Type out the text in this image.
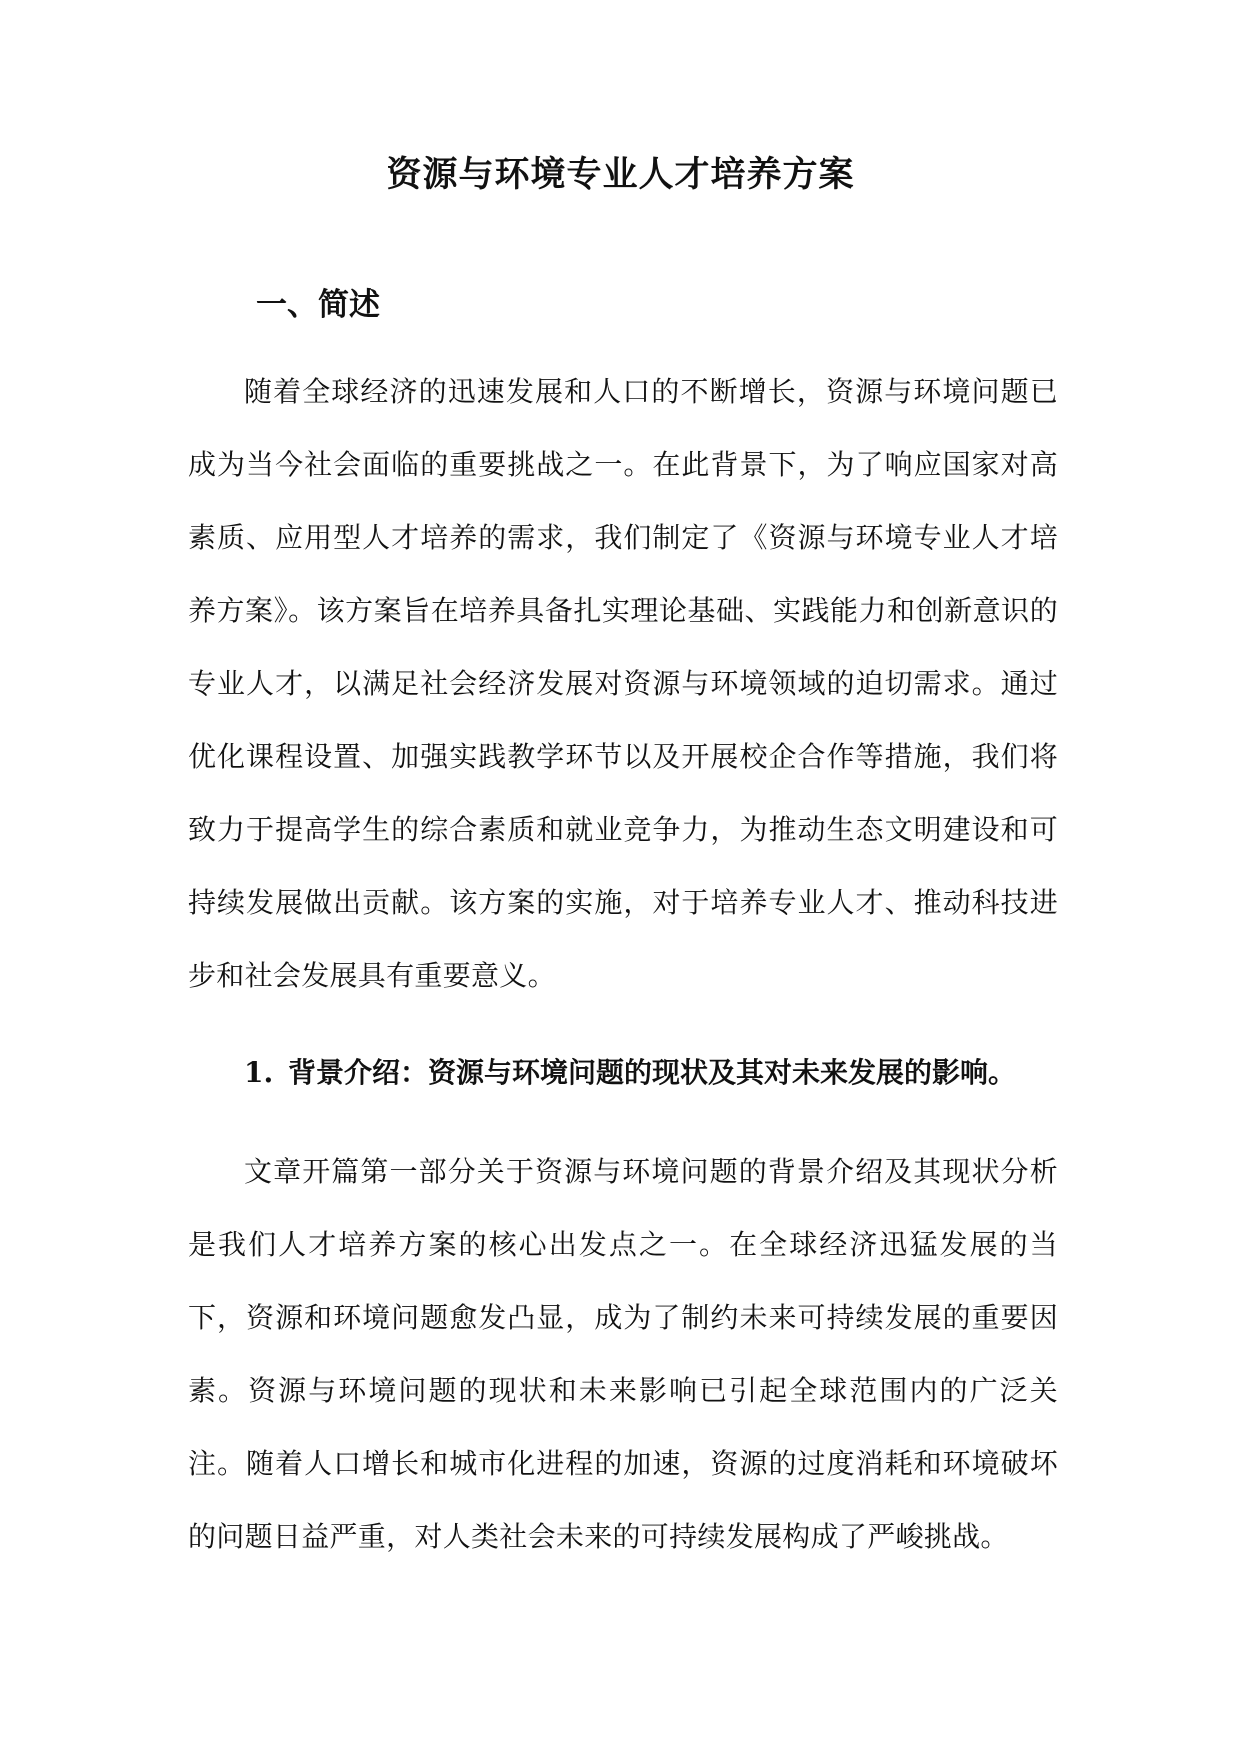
资源与环境专业人才培养方案
一、简述

随着全球经济的迅速发展和人口的不断增长，资源与环境问题已成为当今社会面临的重要挑战之一。在此背景下，为了响应国家对高素质、应用型人才培养的需求，我们制定了《资源与环境专业人才培养方案》。该方案旨在培养具备扎实理论基础、实践能力和创新意识的专业人才，以满足社会经济发展对资源与环境领域的迫切需求。通过优化课程设置、加强实践教学环节以及开展校企合作等措施，我们将致力于提高学生的综合素质和就业竞争力，为推动生态文明建设和可持续发展做出贡献。该方案的实施，对于培养专业人才、推动科技进步和社会发展具有重要意义。

1. 背景介绍：资源与环境问题的现状及其对未来发展的影响。

文章开篇第一部分关于资源与环境问题的背景介绍及其现状分析是我们人才培养方案的核心出发点之一。在全球经济迅猛发展的当下，资源和环境问题愈发凸显，成为了制约未来可持续发展的重要因素。资源与环境问题的现状和未来影响已引起全球范围内的广泛关注。随着人口增长和城市化进程的加速，资源的过度消耗和环境破坏的问题日益严重，对人类社会未来的可持续发展构成了严峻挑战。
